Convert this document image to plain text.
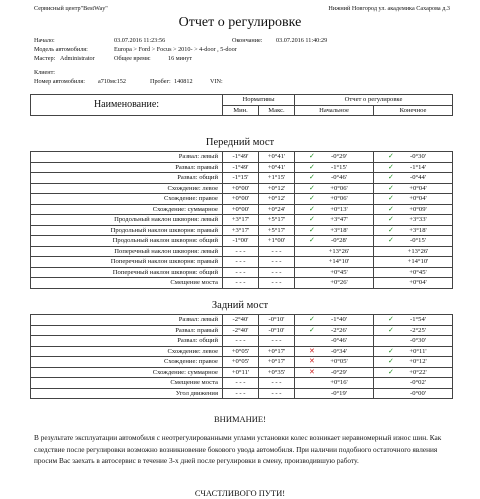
Сервисный центр"BestWay"	Нижний Новгород ул. академика Сахарова д.3
Отчет о регулировке
Начало:	03.07.2016 11:23:56	Окончание: 03.07.2016 11:40:29
Модель автомобиля:	Europa > Ford > Focus > 2010- > 4-door , 5-door
Мастер: Administrator	Общее время:	16 минут
Клиент:
Номер автомобиля: а710мс152	Пробег: 140812	VIN:
Наименование:	Нормативы		Отчет о регулировке	
	Мин.	Макс.	Начальное	Конечное
Передний мост
Развал: левый	-1°49'	+0°41'	✓ -0°29'	✓ -0°30'
Развал: правый	-1°49'	+0°41'	✓ -1°15'	✓ -1°14'
Развал: общий	-1°15'	+1°15'	✓ -0°46'	✓ -0°44'
Схождение: левое	+0°00'	+0°12'	✓ +0°06'	✓ +0°04'
Схождение: правое	+0°00'	+0°12'	✓ +0°06'	✓ +0°04'
Схождение: суммарное	+0°00'	+0°24'	✓ +0°13'	✓ +0°09'
Продольный наклон шкворня: левый	+3°17'	+5°17'	✓ +3°47'	✓ +3°33'
Продольный наклон шкворня: правый	+3°17'	+5°17'	✓ +3°18'	✓ +3°18'
Продольный наклон шкворня: общий	-1°00'	+1°00'	✓ -0°28'	✓ -0°15'
Поперечный наклон шкворня: левый	- - -	- - -	+13°26'	+13°26'
Поперечный наклон шкворня: правый	- - -	- - -	+14°10'	+14°10'
Поперечный наклон шкворня: общий	- - -	- - -	+0°45'	+0°45'
Смещение моста	- - -	- - -	+0°26'	+0°04'
Задний мост
Развал: левый	-2°40'	-0°10'	✓ -1°40'	✓ -1°54'
Развал: правый	-2°40'	-0°10'	✓ -2°26'	✓ -2°25'
Развал: общий	- - -	- - -	-0°46'	-0°30'
Схождение: левое	+0°05'	+0°17'	✕ -0°34'	✓ +0°11'
Схождение: правое	+0°05'	+0°17'	✕ +0°05'	✓ +0°12'
Схождение: суммарное	+0°11'	+0°35'	✕ -0°29'	✓ +0°22'
Смещение моста	- - -	- - -	+0°16'	-0°02'
Угол движения	- - -	- - -	-0°19'	-0°00'
ВНИМАНИЕ!
В результате эксплуатации автомобиля с неотрегулированными углами установки колес возникает неравномерный износ шин. Как следствие после регулировки возможно возникновение бокового увода автомобиля. При наличии подобного остаточного явления просим Вас заехать в автосервис в течение 3-х дней после регулировки в смену, производившую работу.
СЧАСТЛИВОГО ПУТИ!
